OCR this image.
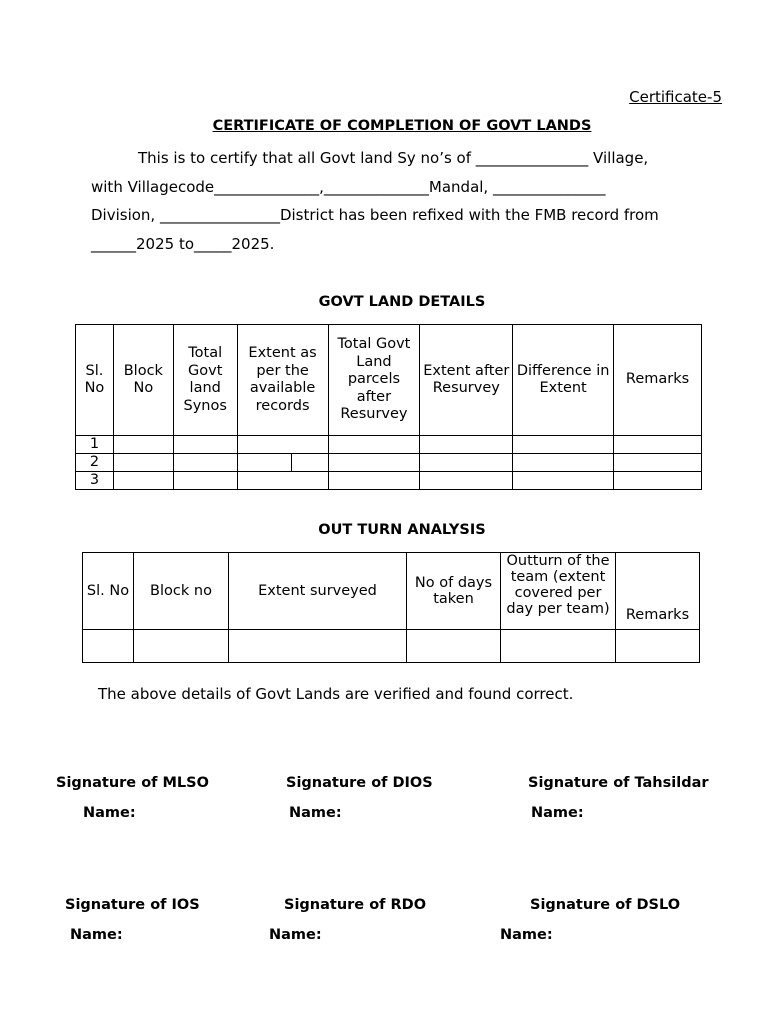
Certificate-5
CERTIFICATE OF COMPLETION OF GOVT LANDS
This is to certify that all Govt land Sy no’s of _______________ Village,
with Villagecode______________,______________Mandal, _______________
Division, ________________District has been refixed with the FMB record from
______2025 to_____2025.
GOVT LAND DETAILS
Sl. No	Block No	Total Govt land Synos	Extent as per the available records	Total Govt Land parcels after Resurvey	Extent after Resurvey	Difference in Extent	Remarks
1							
2			

3							
OUT TURN ANALYSIS
Sl. No	Block no	Extent surveyed	No of days taken	Outturn of the team (extent covered per day per team)	Remarks

The above details of Govt Lands are verified and found correct.
Signature of MLSO	Signature of DIOS	Signature of Tahsildar
Name:	Name:	Name:
Signature of IOS	Signature of RDO	Signature of DSLO
Name:	Name:	Name:
